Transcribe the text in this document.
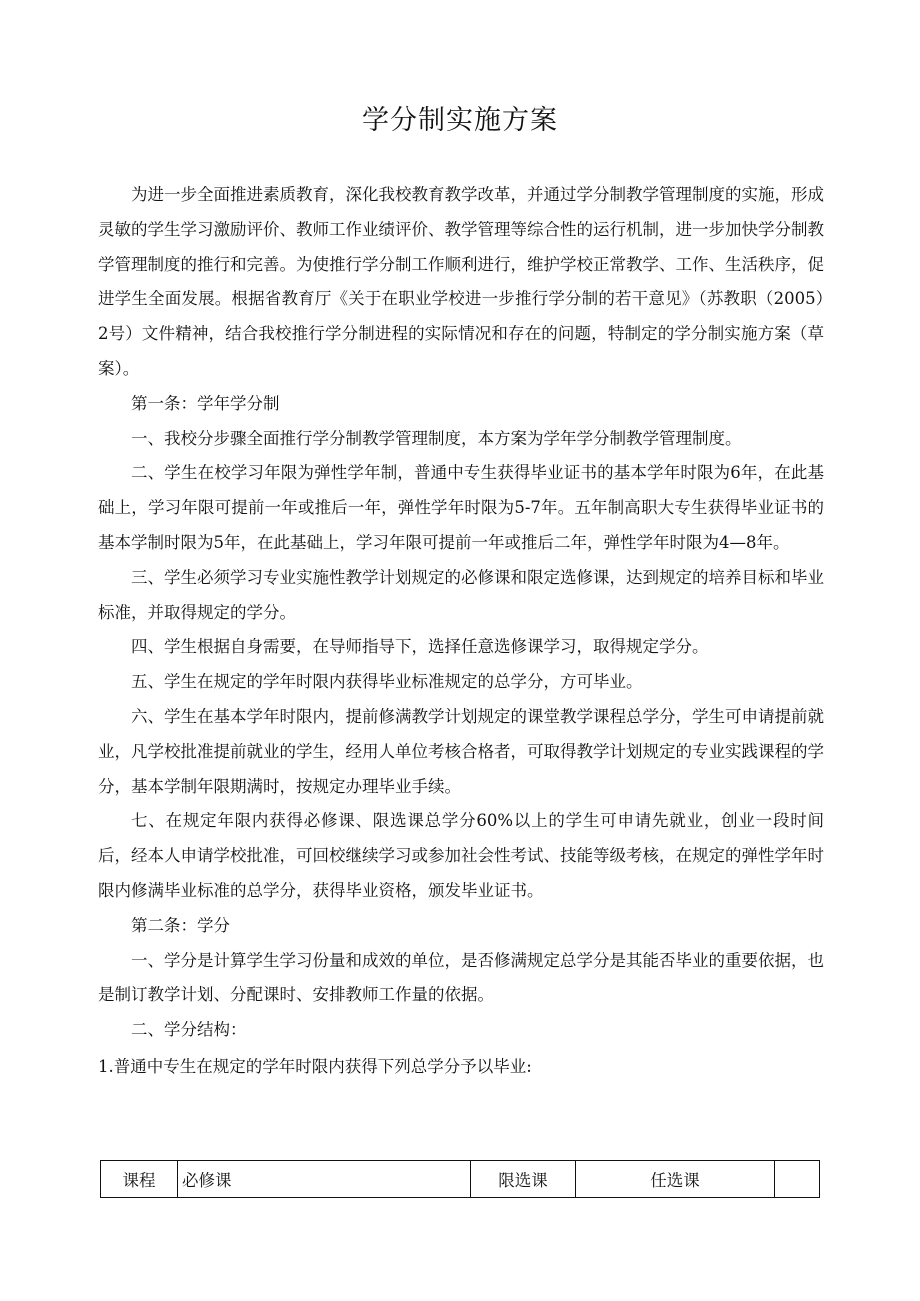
学分制实施方案

为进一步全面推进素质教育，深化我校教育教学改革，并通过学分制教学管理制度的实施，形成灵敏的学生学习激励评价、教师工作业绩评价、教学管理等综合性的运行机制，进一步加快学分制教学管理制度的推行和完善。为使推行学分制工作顺利进行，维护学校正常教学、工作、生活秩序，促进学生全面发展。根据省教育厅《关于在职业学校进一步推行学分制的若干意见》（苏教职（2005）2号）文件精神，结合我校推行学分制进程的实际情况和存在的问题，特制定的学分制实施方案（草案）。

第一条：学年学分制

一、我校分步骤全面推行学分制教学管理制度，本方案为学年学分制教学管理制度。

二、学生在校学习年限为弹性学年制，普通中专生获得毕业证书的基本学年时限为6年，在此基础上，学习年限可提前一年或推后一年，弹性学年时限为5-7年。五年制高职大专生获得毕业证书的基本学制时限为5年，在此基础上，学习年限可提前一年或推后二年，弹性学年时限为4—8年。

三、学生必须学习专业实施性教学计划规定的必修课和限定选修课，达到规定的培养目标和毕业标准，并取得规定的学分。

四、学生根据自身需要，在导师指导下，选择任意选修课学习，取得规定学分。

五、学生在规定的学年时限内获得毕业标准规定的总学分，方可毕业。

六、学生在基本学年时限内，提前修满教学计划规定的课堂教学课程总学分，学生可申请提前就业，凡学校批准提前就业的学生，经用人单位考核合格者，可取得教学计划规定的专业实践课程的学分，基本学制年限期满时，按规定办理毕业手续。

七、在规定年限内获得必修课、限选课总学分60%以上的学生可申请先就业，创业一段时间后，经本人申请学校批准，可回校继续学习或参加社会性考试、技能等级考核，在规定的弹性学年时限内修满毕业标准的总学分，获得毕业资格，颁发毕业证书。

第二条：学分

一、学分是计算学生学习份量和成效的单位，是否修满规定总学分是其能否毕业的重要依据，也是制订教学计划、分配课时、安排教师工作量的依据。

二、学分结构：

1.普通中专生在规定的学年时限内获得下列总学分予以毕业:

课程	必修课	限选课	任选课	
